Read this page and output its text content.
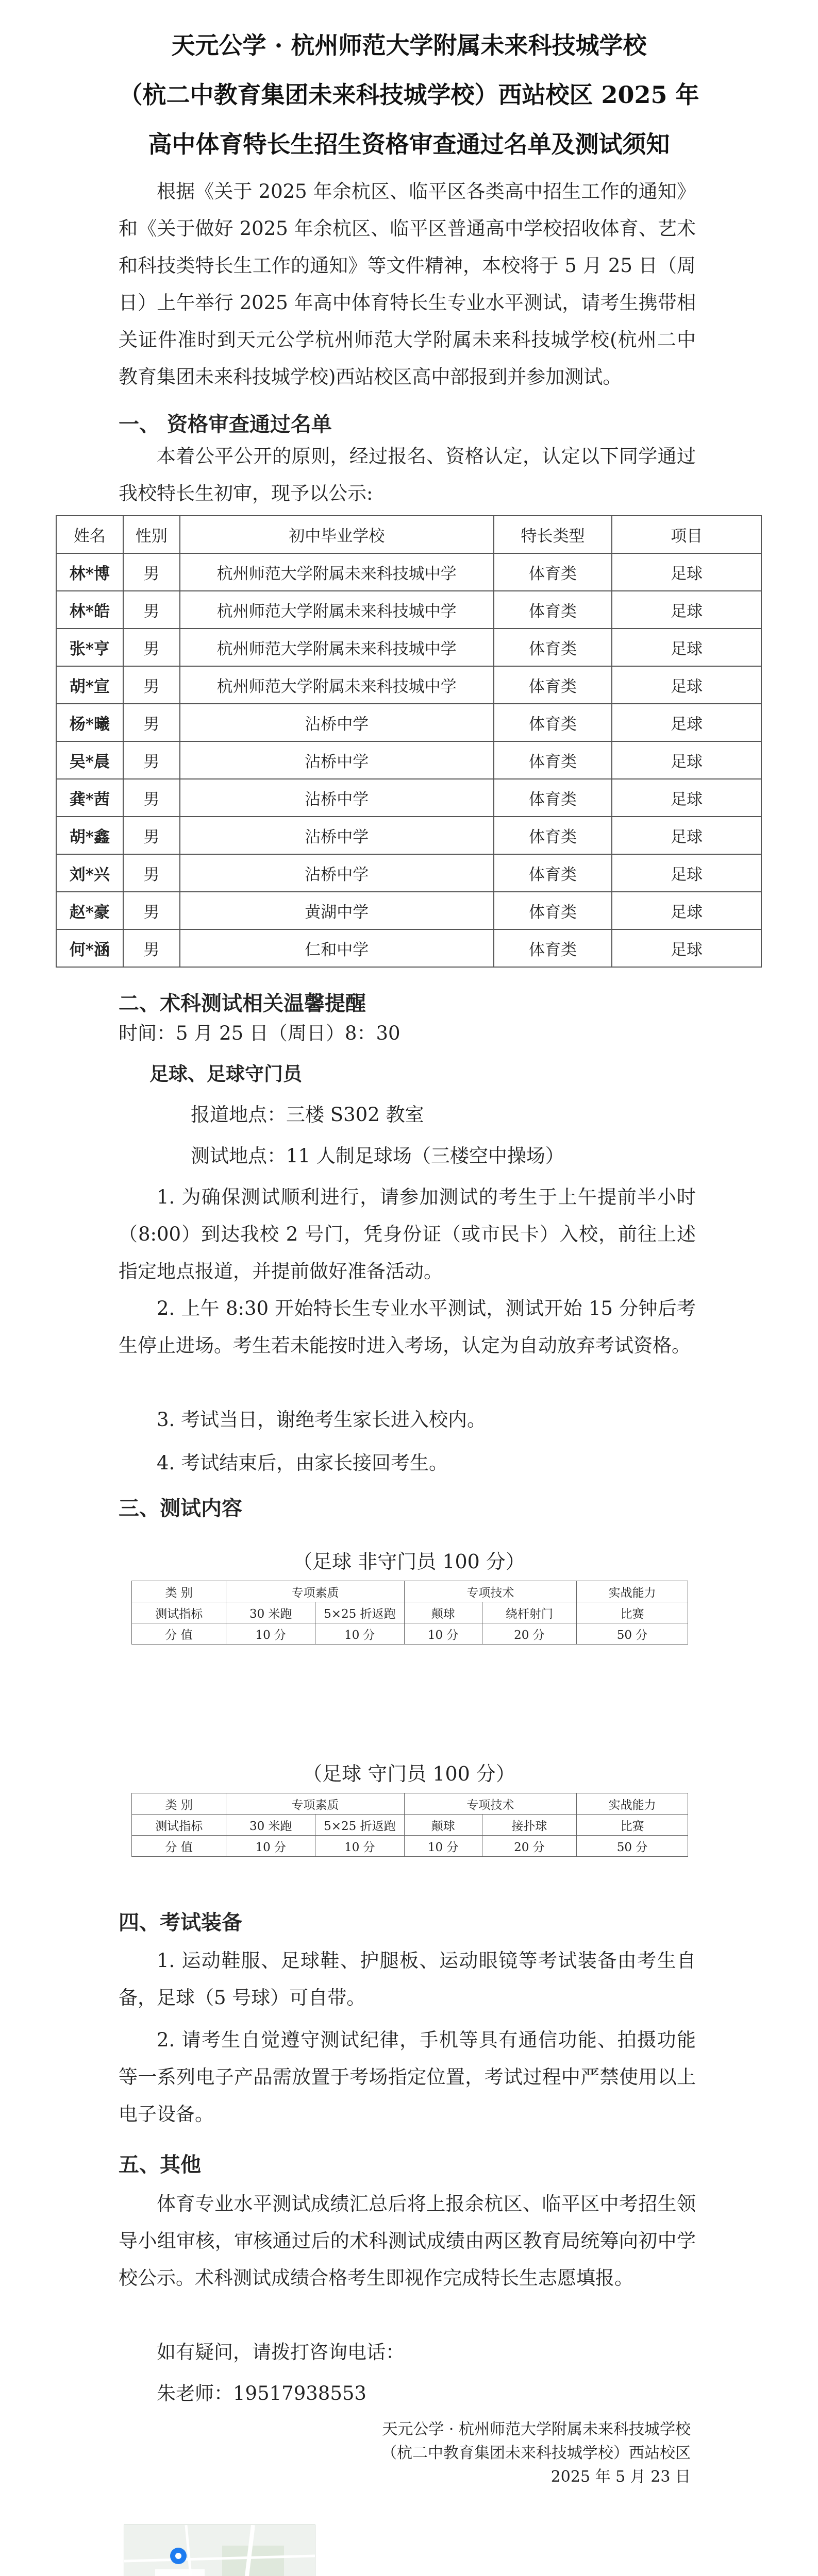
天元公学 · 杭州师范大学附属未来科技城学校
（杭二中教育集团未来科技城学校）西站校区 2025 年
高中体育特长生招生资格审查通过名单及测试须知
根据《关于 2025 年余杭区、临平区各类高中招生工作的通知》和《关于做好 2025 年余杭区、临平区普通高中学校招收体育、艺术和科技类特长生工作的通知》等文件精神，本校将于 5 月 25 日（周日）上午举行 2025 年高中体育特长生专业水平测试，请考生携带相关证件准时到天元公学杭州师范大学附属未来科技城学校(杭州二中教育集团未来科技城学校)西站校区高中部报到并参加测试。
一、 资格审查通过名单
本着公平公开的原则，经过报名、资格认定，认定以下同学通过我校特长生初审，现予以公示:
姓名	性别	初中毕业学校	特长类型	项目
林*博	男	杭州师范大学附属未来科技城中学	体育类	足球
林*皓	男	杭州师范大学附属未来科技城中学	体育类	足球
张*亨	男	杭州师范大学附属未来科技城中学	体育类	足球
胡*宣	男	杭州师范大学附属未来科技城中学	体育类	足球
杨*曦	男	沾桥中学	体育类	足球
吴*晨	男	沾桥中学	体育类	足球
龚*茜	男	沾桥中学	体育类	足球
胡*鑫	男	沾桥中学	体育类	足球
刘*兴	男	沾桥中学	体育类	足球
赵*豪	男	黄湖中学	体育类	足球
何*涵	男	仁和中学	体育类	足球
二、术科测试相关温馨提醒
时间：5 月 25 日（周日）8：30
足球、足球守门员
报道地点：三楼 S302 教室
测试地点：11 人制足球场（三楼空中操场）
1. 为确保测试顺利进行，请参加测试的考生于上午提前半小时（8:00）到达我校 2 号门，凭身份证（或市民卡）入校，前往上述指定地点报道，并提前做好准备活动。
2. 上午 8:30 开始特长生专业水平测试，测试开始 15 分钟后考生停止进场。考生若未能按时进入考场，认定为自动放弃考试资格。
3. 考试当日，谢绝考生家长进入校内。
4. 考试结束后，由家长接回考生。
三、测试内容
（足球 非守门员 100 分）
类 别	专项素质		专项技术		实战能力
测试指标	30 米跑	5×25 折返跑	颠球	绕杆射门	比赛
分 值	10 分	10 分	10 分	20 分	50 分
（足球 守门员 100 分）
类 别	专项素质		专项技术		实战能力
测试指标	30 米跑	5×25 折返跑	颠球	接扑球	比赛
分 值	10 分	10 分	10 分	20 分	50 分
四、考试装备
1. 运动鞋服、足球鞋、护腿板、运动眼镜等考试装备由考生自备，足球（5 号球）可自带。
2. 请考生自觉遵守测试纪律，手机等具有通信功能、拍摄功能等一系列电子产品需放置于考场指定位置，考试过程中严禁使用以上电子设备。
五、其他
体育专业水平测试成绩汇总后将上报余杭区、临平区中考招生领导小组审核，审核通过后的术科测试成绩由两区教育局统筹向初中学校公示。术科测试成绩合格考生即视作完成特长生志愿填报。
如有疑问，请拨打咨询电话：
朱老师：19517938553
天元公学 · 杭州师范大学附属未来科技城学校
（杭二中教育集团未来科技城学校）西站校区
2025 年 5 月 23 日
